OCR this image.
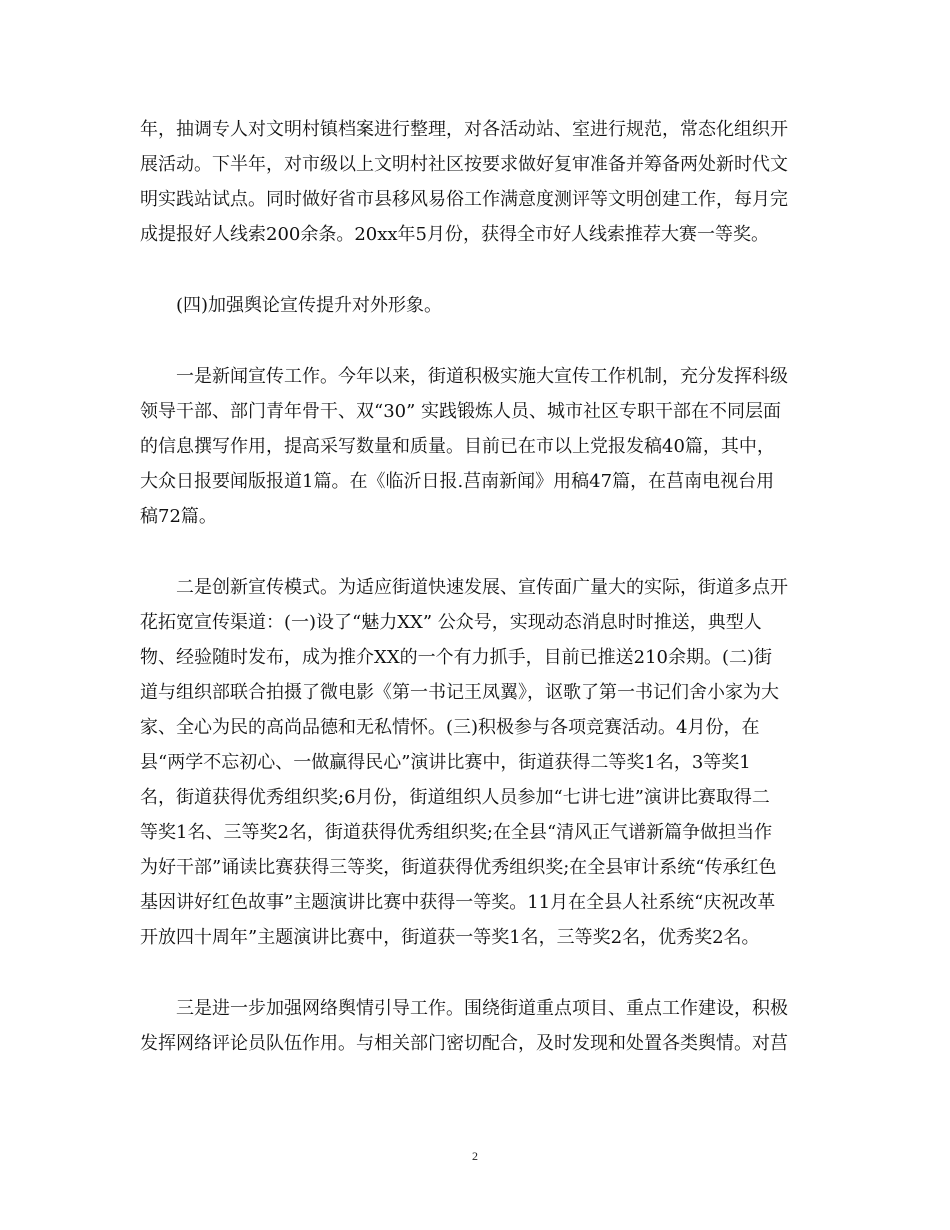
年，抽调专人对文明村镇档案进行整理，对各活动站、室进行规范，常态化组织开
展活动。下半年，对市级以上文明村社区按要求做好复审准备并筹备两处新时代文
明实践站试点。同时做好省市县移风易俗工作满意度测评等文明创建工作，每月完
成提报好人线索200余条。20xx年5月份，获得全市好人线索推荐大赛一等奖。
　　(四)加强舆论宣传提升对外形象。
　　一是新闻宣传工作。今年以来，街道积极实施大宣传工作机制，充分发挥科级
领导干部、部门青年骨干、双“30” 实践锻炼人员、城市社区专职干部在不同层面
的信息撰写作用，提高采写数量和质量。目前已在市以上党报发稿40篇，其中，
大众日报要闻版报道1篇。在《临沂日报.莒南新闻》用稿47篇，在莒南电视台用
稿72篇。
　　二是创新宣传模式。为适应街道快速发展、宣传面广量大的实际，街道多点开
花拓宽宣传渠道：(一)设了“魅力XX” 公众号，实现动态消息时时推送，典型人
物、经验随时发布，成为推介XX的一个有力抓手，目前已推送210余期。(二)街
道与组织部联合拍摄了微电影《第一书记王凤翼》，讴歌了第一书记们舍小家为大
家、全心为民的高尚品德和无私情怀。(三)积极参与各项竞赛活动。4月份，在
县“两学不忘初心、一做赢得民心”演讲比赛中，街道获得二等奖1名，3等奖1
名，街道获得优秀组织奖;6月份，街道组织人员参加“七讲七进”演讲比赛取得二
等奖1名、三等奖2名，街道获得优秀组织奖;在全县“清风正气谱新篇争做担当作
为好干部”诵读比赛获得三等奖，街道获得优秀组织奖;在全县审计系统“传承红色
基因讲好红色故事”主题演讲比赛中获得一等奖。11月在全县人社系统“庆祝改革
开放四十周年”主题演讲比赛中，街道获一等奖1名，三等奖2名，优秀奖2名。
　　三是进一步加强网络舆情引导工作。围绕街道重点项目、重点工作建设，积极
发挥网络评论员队伍作用。与相关部门密切配合，及时发现和处置各类舆情。对莒
2
